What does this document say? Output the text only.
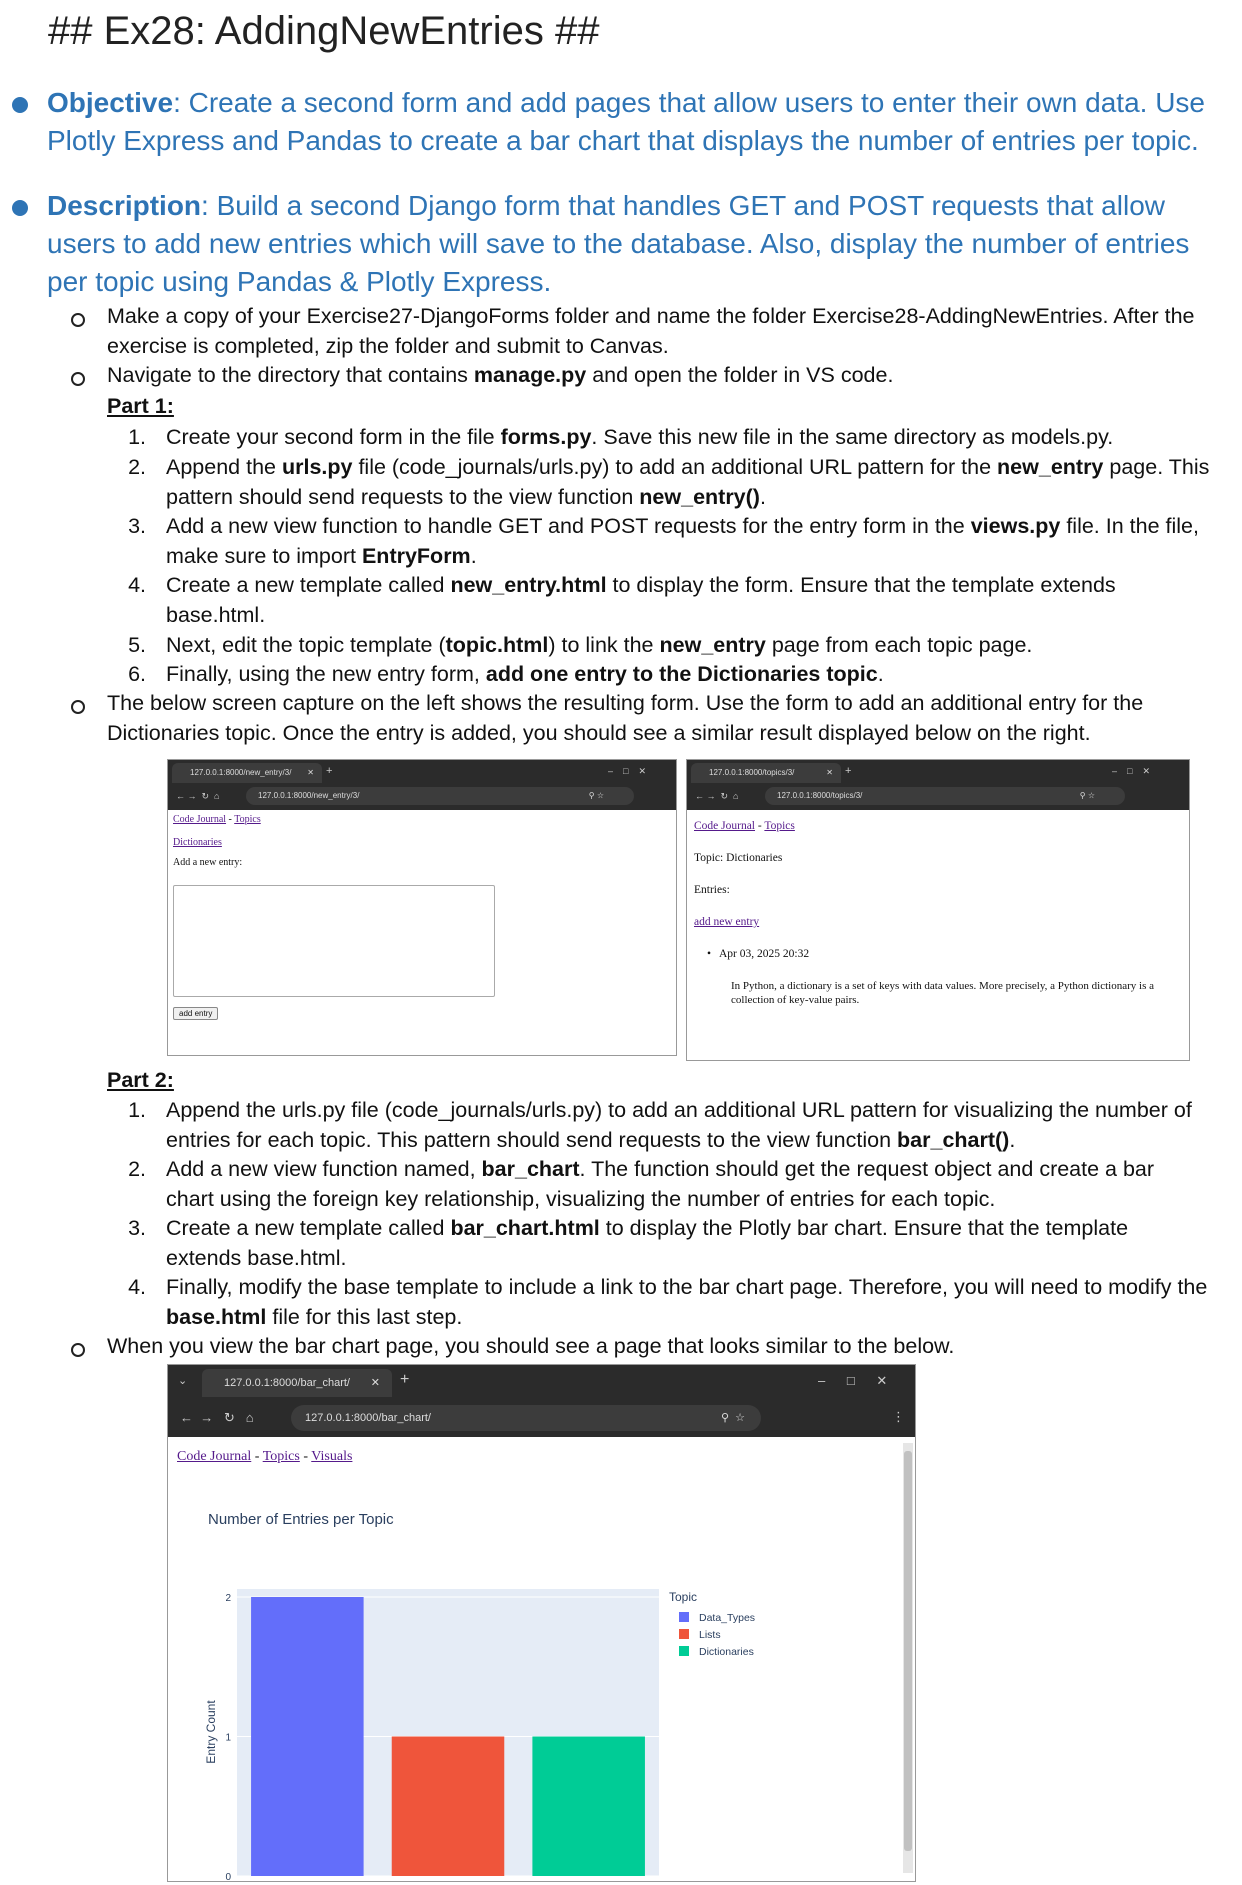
## Ex28: AddingNewEntries ##
Objective: Create a second form and add pages that allow users to enter their own data. Use Plotly Express and Pandas to create a bar chart that displays the number of entries per topic.
Description: Build a second Django form that handles GET and POST requests that allow users to add new entries which will save to the database. Also, display the number of entries per topic using Pandas & Plotly Express.
Make a copy of your Exercise27-DjangoForms folder and name the folder Exercise28-AddingNewEntries. After the exercise is completed, zip the folder and submit to Canvas.
Navigate to the directory that contains manage.py and open the folder in VS code.
Part 1:
1. Create your second form in the file forms.py. Save this new file in the same directory as models.py.
2. Append the urls.py file (code_journals/urls.py) to add an additional URL pattern for the new_entry page. This pattern should send requests to the view function new_entry().
3. Add a new view function to handle GET and POST requests for the entry form in the views.py file. In the file, make sure to import EntryForm.
4. Create a new template called new_entry.html to display the form. Ensure that the template extends base.html.
5. Next, edit the topic template (topic.html) to link the new_entry page from each topic page.
6. Finally, using the new entry form, add one entry to the Dictionaries topic.
The below screen capture on the left shows the resulting form. Use the form to add an additional entry for the Dictionaries topic. Once the entry is added, you should see a similar result displayed below on the right.
127.0.0.1:8000/new_entry/3/ ✕ +	–    □    ✕
← →  ↻  ⌂	127.0.0.1:8000/new_entry/3/	⚲ ☆
Code Journal - Topics
Dictionaries
Add a new entry:
add entry
127.0.0.1:8000/topics/3/	✕ +	–    □    ✕
← →  ↻  ⌂	127.0.0.1:8000/topics/3/	⚲ ☆
Code Journal - Topics
Topic: Dictionaries
Entries:
add new entry
• Apr 03, 2025 20:32
In Python, a dictionary is a set of keys with data values. More precisely, a Python dictionary is a collection of key-value pairs.
Part 2:
1. Append the urls.py file (code_journals/urls.py) to add an additional URL pattern for visualizing the number of entries for each topic. This pattern should send requests to the view function bar_chart().
2. Add a new view function named, bar_chart. The function should get the request object and create a bar chart using the foreign key relationship, visualizing the number of entries for each topic.
3. Create a new template called bar_chart.html to display the Plotly bar chart. Ensure that the template extends base.html.
4. Finally, modify the base template to include a link to the bar chart page. Therefore, you will need to modify the base.html file for this last step.
When you view the bar chart page, you should see a page that looks similar to the below.
⌄	127.0.0.1:8000/bar_chart/ ✕ +	–      □      ✕
←  →   ↻   ⌂	127.0.0.1:8000/bar_chart/	⚲  ☆	⋮
Code Journal - Topics - Visuals
Number of Entries per Topic
0
1
2
Entry Count
Topic
Data_Types
Lists
Dictionaries
